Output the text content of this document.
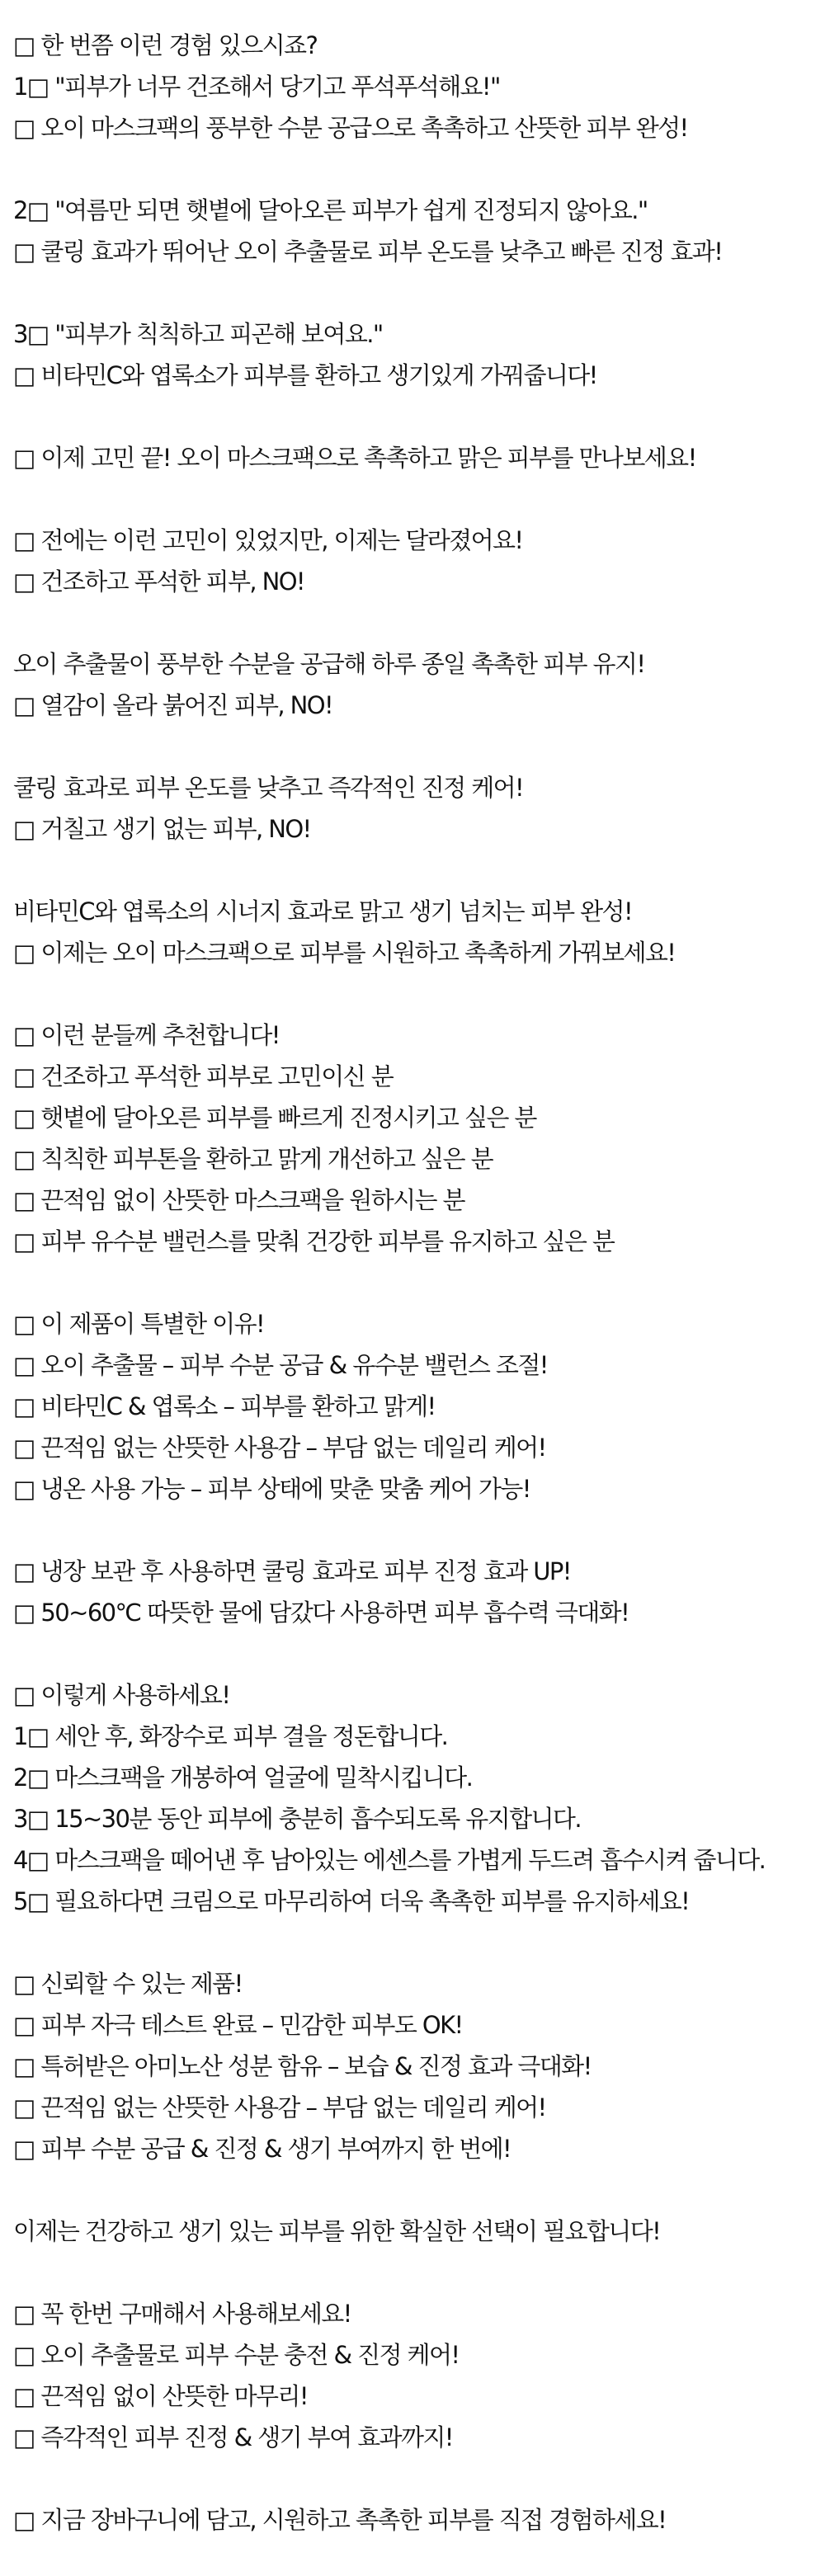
□ 한 번쯤 이런 경험 있으시죠?
1□ "피부가 너무 건조해서 당기고 푸석푸석해요!"
□ 오이 마스크팩의 풍부한 수분 공급으로 촉촉하고 산뜻한 피부 완성!
2□ "여름만 되면 햇볕에 달아오른 피부가 쉽게 진정되지 않아요."
□ 쿨링 효과가 뛰어난 오이 추출물로 피부 온도를 낮추고 빠른 진정 효과!
3□ "피부가 칙칙하고 피곤해 보여요."
□ 비타민C와 엽록소가 피부를 환하고 생기있게 가꿔줍니다!
□ 이제 고민 끝! 오이 마스크팩으로 촉촉하고 맑은 피부를 만나보세요!
□ 전에는 이런 고민이 있었지만, 이제는 달라졌어요!
□ 건조하고 푸석한 피부, NO!
오이 추출물이 풍부한 수분을 공급해 하루 종일 촉촉한 피부 유지!
□ 열감이 올라 붉어진 피부, NO!
쿨링 효과로 피부 온도를 낮추고 즉각적인 진정 케어!
□ 거칠고 생기 없는 피부, NO!
비타민C와 엽록소의 시너지 효과로 맑고 생기 넘치는 피부 완성!
□ 이제는 오이 마스크팩으로 피부를 시원하고 촉촉하게 가꿔보세요!
□ 이런 분들께 추천합니다!
□ 건조하고 푸석한 피부로 고민이신 분
□ 햇볕에 달아오른 피부를 빠르게 진정시키고 싶은 분
□ 칙칙한 피부톤을 환하고 맑게 개선하고 싶은 분
□ 끈적임 없이 산뜻한 마스크팩을 원하시는 분
□ 피부 유수분 밸런스를 맞춰 건강한 피부를 유지하고 싶은 분
□ 이 제품이 특별한 이유!
□ 오이 추출물 – 피부 수분 공급 & 유수분 밸런스 조절!
□ 비타민C & 엽록소 – 피부를 환하고 맑게!
□ 끈적임 없는 산뜻한 사용감 – 부담 없는 데일리 케어!
□ 냉온 사용 가능 – 피부 상태에 맞춘 맞춤 케어 가능!
□ 냉장 보관 후 사용하면 쿨링 효과로 피부 진정 효과 UP!
□ 50~60℃ 따뜻한 물에 담갔다 사용하면 피부 흡수력 극대화!
□ 이렇게 사용하세요!
1□ 세안 후, 화장수로 피부 결을 정돈합니다.
2□ 마스크팩을 개봉하여 얼굴에 밀착시킵니다.
3□ 15~30분 동안 피부에 충분히 흡수되도록 유지합니다.
4□ 마스크팩을 떼어낸 후 남아있는 에센스를 가볍게 두드려 흡수시켜 줍니다.
5□ 필요하다면 크림으로 마무리하여 더욱 촉촉한 피부를 유지하세요!
□ 신뢰할 수 있는 제품!
□ 피부 자극 테스트 완료 – 민감한 피부도 OK!
□ 특허받은 아미노산 성분 함유 – 보습 & 진정 효과 극대화!
□ 끈적임 없는 산뜻한 사용감 – 부담 없는 데일리 케어!
□ 피부 수분 공급 & 진정 & 생기 부여까지 한 번에!
이제는 건강하고 생기 있는 피부를 위한 확실한 선택이 필요합니다!
□ 꼭 한번 구매해서 사용해보세요!
□ 오이 추출물로 피부 수분 충전 & 진정 케어!
□ 끈적임 없이 산뜻한 마무리!
□ 즉각적인 피부 진정 & 생기 부여 효과까지!
□ 지금 장바구니에 담고, 시원하고 촉촉한 피부를 직접 경험하세요!
